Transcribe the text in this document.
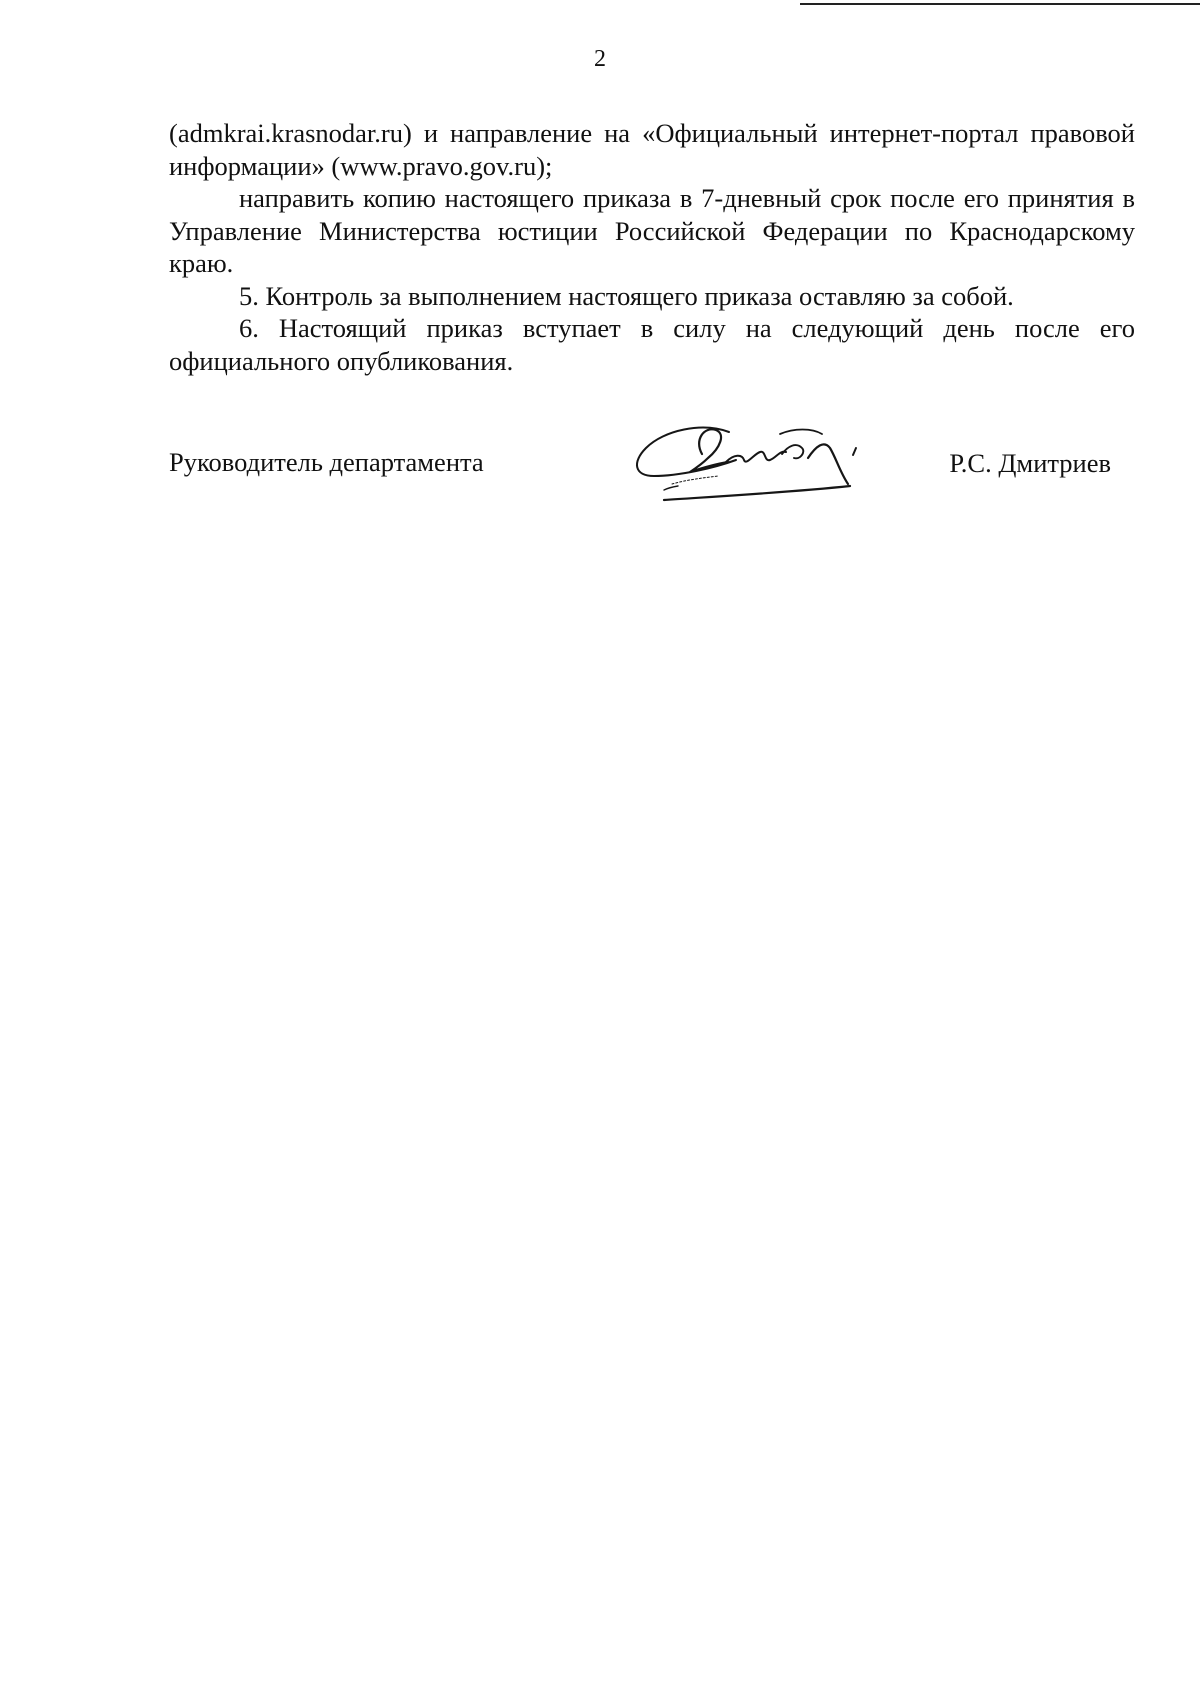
2

(admkrai.krasnodar.ru) и направление на «Официальный интернет-портал правовой информации» (www.pravo.gov.ru);

направить копию настоящего приказа в 7-дневный срок после его принятия в Управление Министерства юстиции Российской Федерации по Краснодарскому краю.

5. Контроль за выполнением настоящего приказа оставляю за собой.

6. Настоящий приказ вступает в силу на следующий день после его официального опубликования.

Руководитель департамента	Р.С. Дмитриев
